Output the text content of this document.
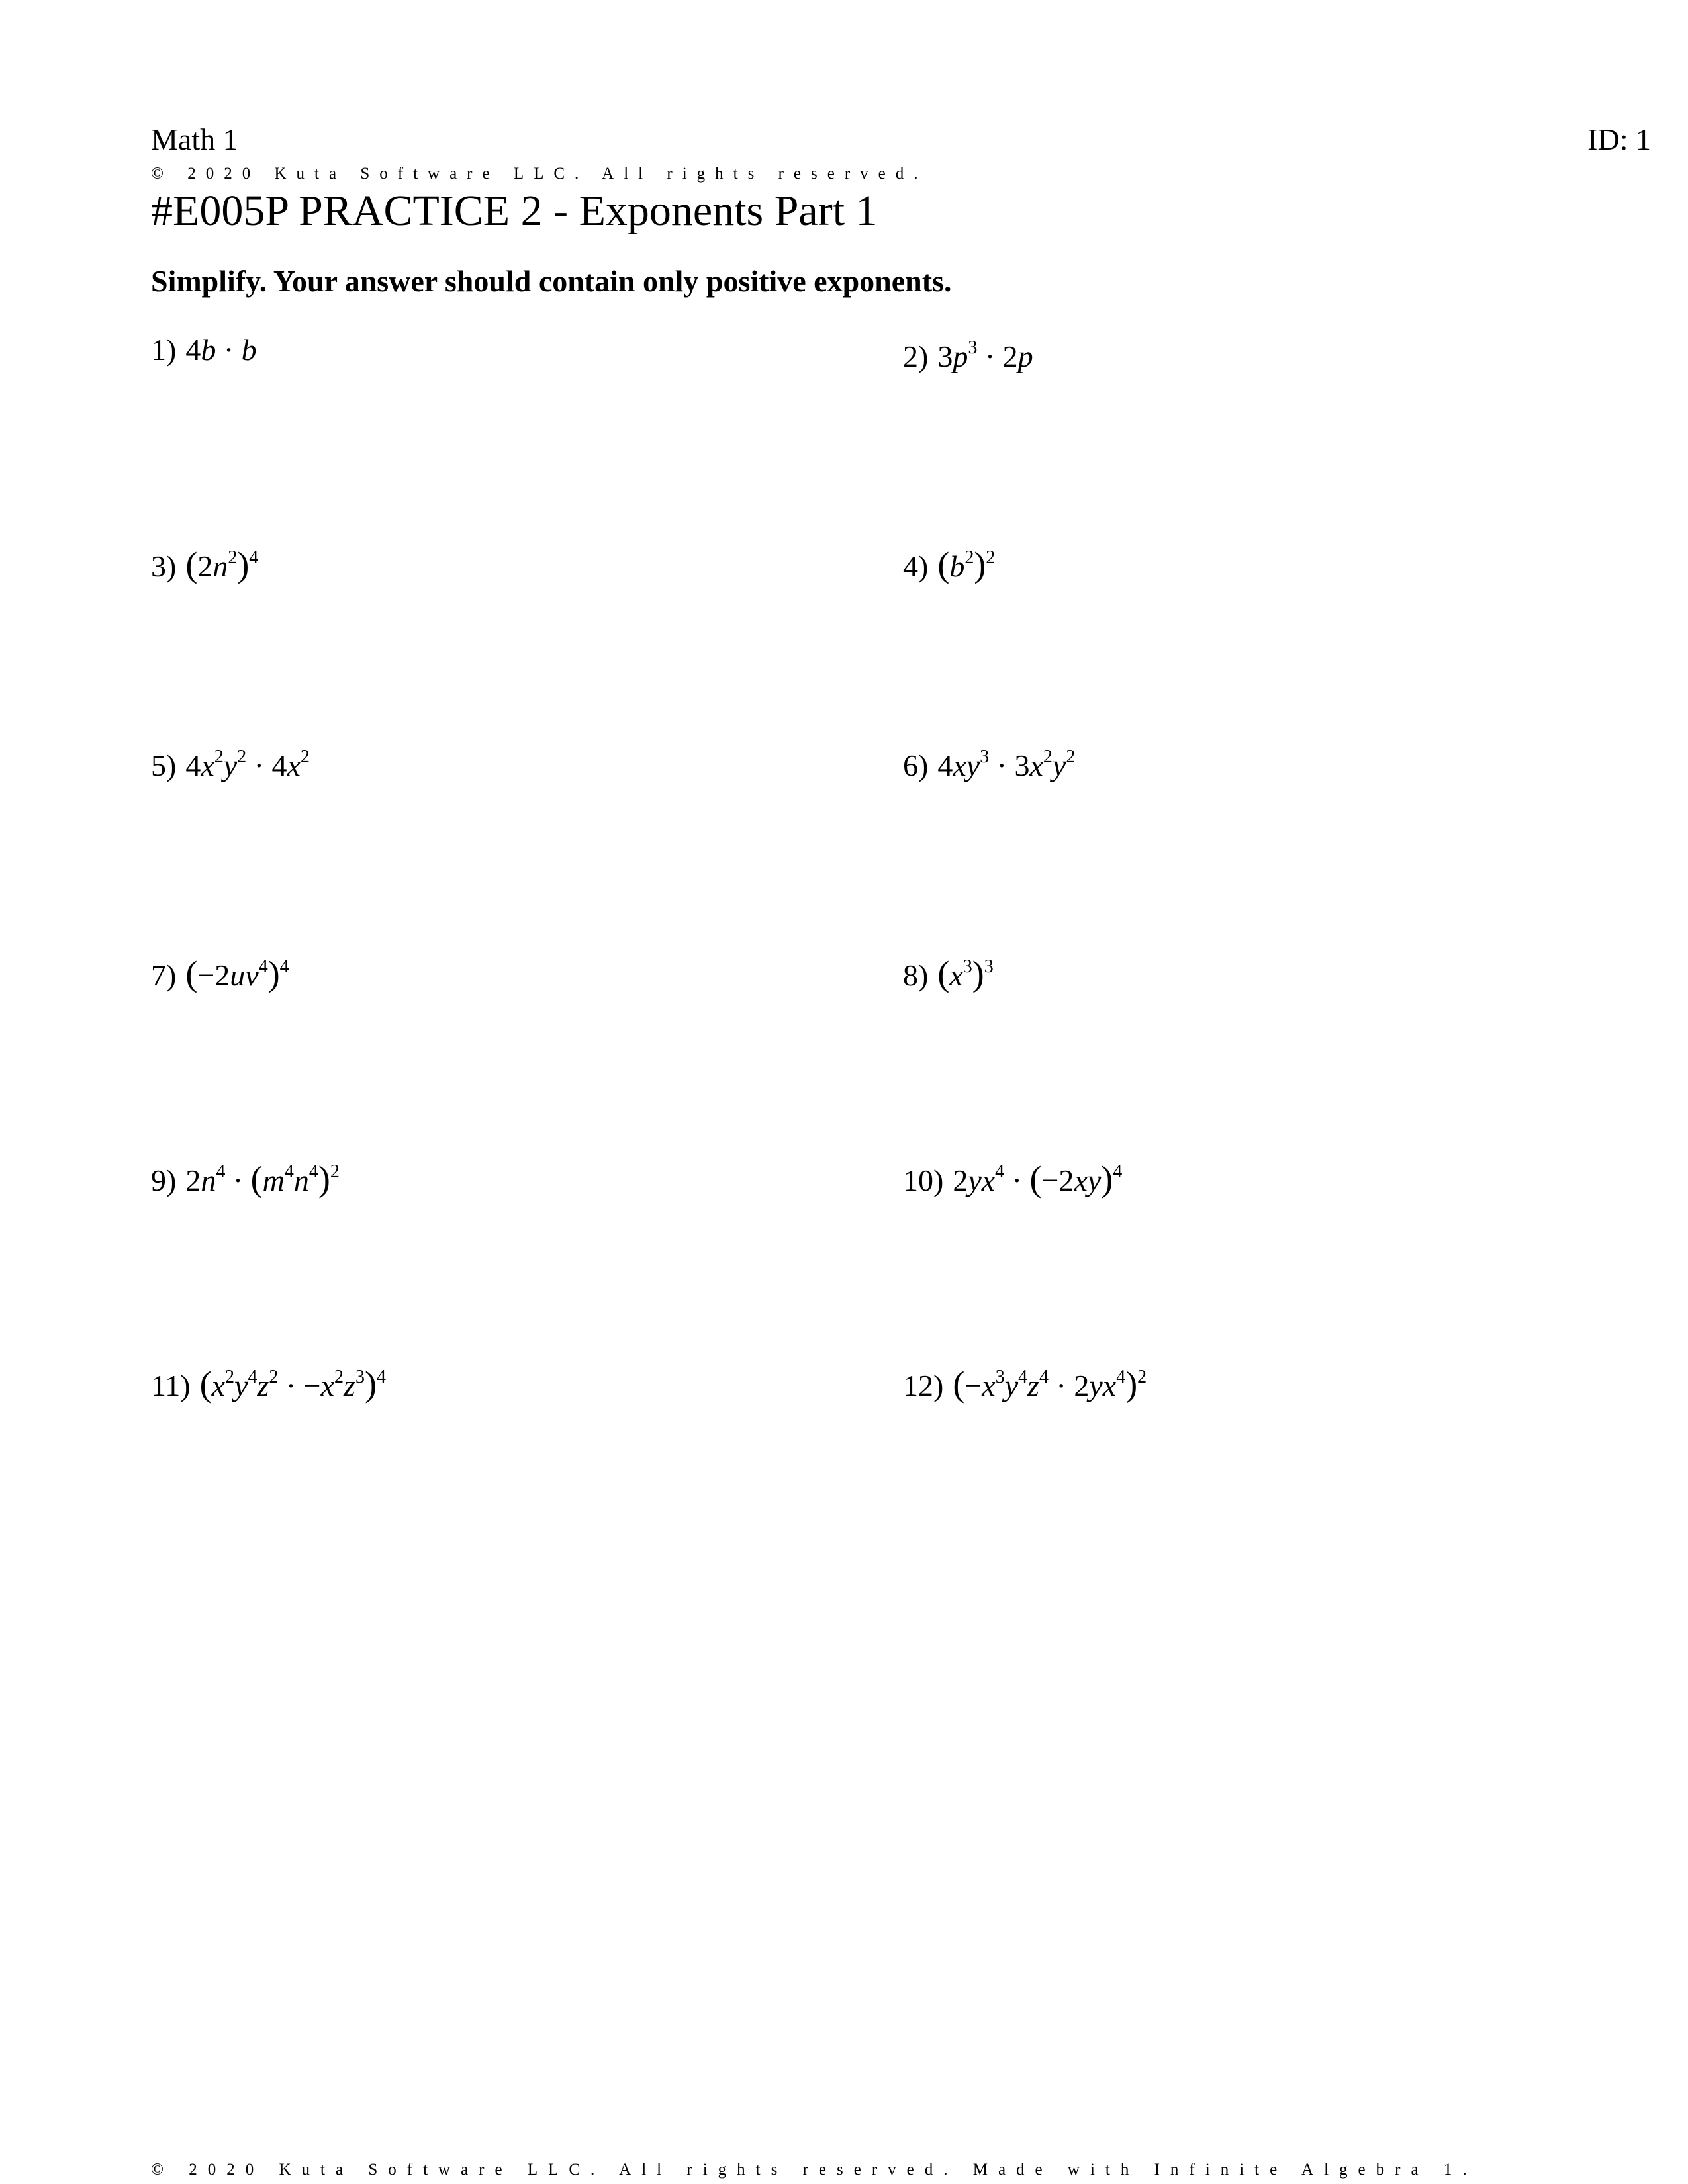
Math 1	ID: 1
© 2020 Kuta Software LLC. All rights reserved.
#E005P PRACTICE 2 - Exponents Part 1
Simplify. Your answer should contain only positive exponents.
1) 4b · b	2) $3p^3 \cdot 2p$
3) $(2n^2)^4$	4) $(b^2)^2$
5) $4x^2y^2 \cdot 4x^2$	6) $4xy^3 \cdot 3x^2y^2$
7) $(-2uv^4)^4$	8) $(x^3)^3$
9) $2n^4 \cdot (m^4n^4)^2$	10) $2yx^4 \cdot (-2xy)^4$
11) $(x^2y^4z^2 \cdot -x^2z^3)^4$	12) $(-x^3y^4z^4 \cdot 2yx^4)^2$
© 2020 Kuta Software LLC. All rights reserved. Made with Infinite Algebra 1.
